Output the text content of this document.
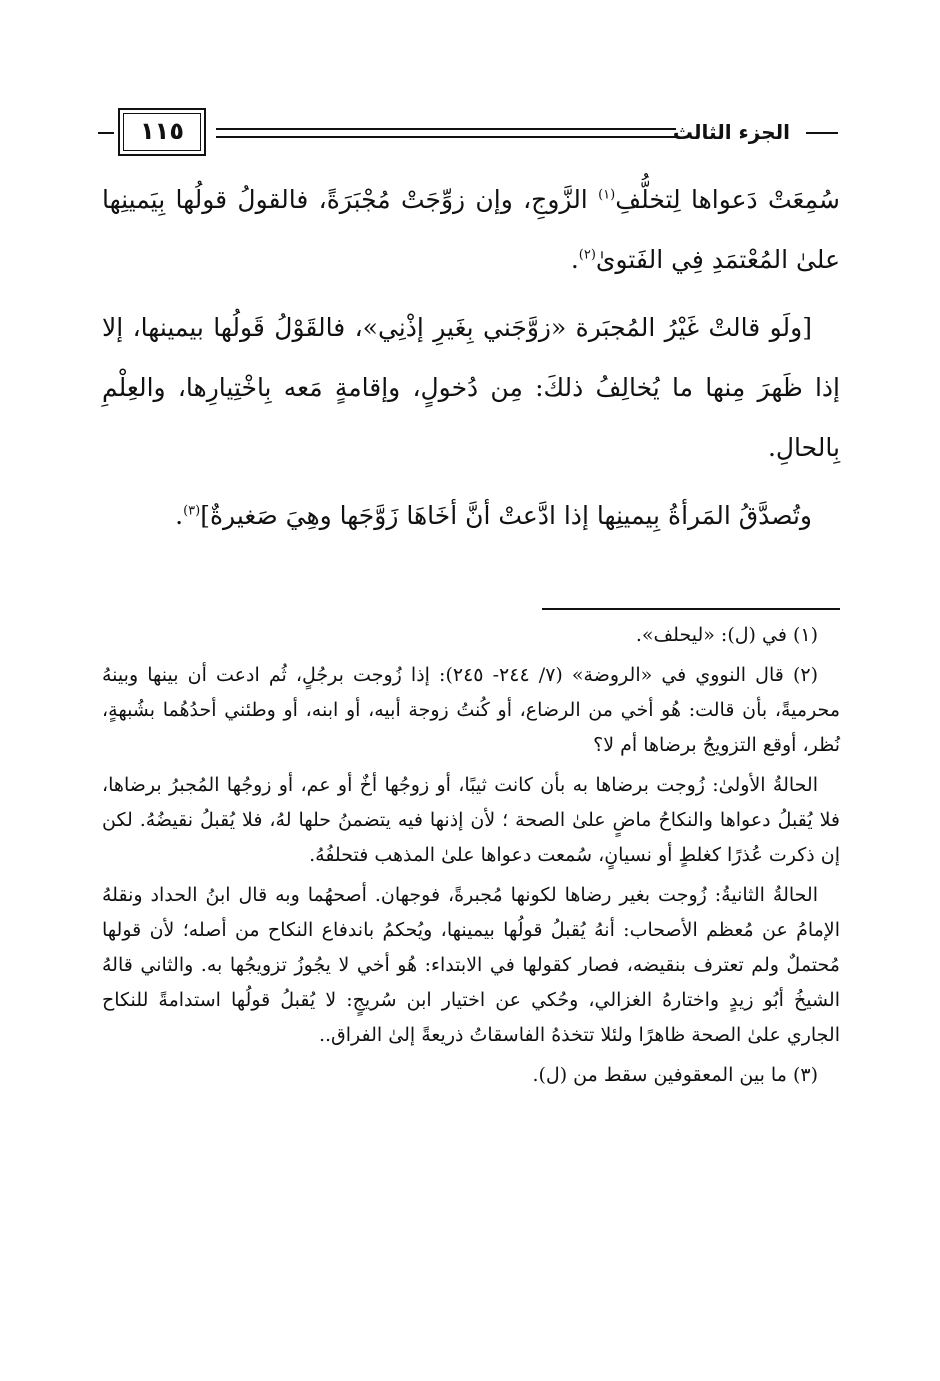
الجزء الثالث
١١٥

سُمِعَتْ دَعواها لِتخلُّفِ$^{(١)}$ الزَّوجِ، وإن زوِّجَتْ مُجْبَرَةً، فالقولُ قولُها بِيَمينِها علىٰ المُعْتمَدِ فِي الفَتوىٰ$^{(٢)}$.

[ولَو قالتْ غَيْرُ المُجبَرة «زوَّجَني بِغَيرِ إذْنِي»، فالقَوْلُ قَولُها بيمينها، إلا إذا ظَهرَ مِنها ما يُخالِفُ ذلكَ: مِن دُخولٍ، وإقامةٍ مَعه بِاخْتِيارِها، والعِلْمِ بِالحالِ.

وتُصدَّقُ المَرأةُ بِيمينِها إذا ادَّعتْ أنَّ أخَاهَا زَوَّجَها وهِيَ صَغيرةٌ]$^{(٣)}$.

(١) في (ل): «ليحلف».

(٢) قال النووي في «الروضة» (٧/ ٢٤٤- ٢٤٥): إذا زُوجت برجُلٍ، ثُم ادعت أن بينها وبينهُ محرميةً، بأن قالت: هُو أخي من الرضاع، أو كُنتُ زوجة أبيه، أو ابنه، أو وطئني أحدُهُما بشُبهةٍ، نُظر، أوقع التزويجُ برضاها أم لا؟

الحالةُ الأولىٰ: زُوجت برضاها به بأن كانت ثيبًا، أو زوجُها أخٌ أو عم، أو زوجُها المُجبرُ برضاها، فلا يُقبلُ دعواها والنكاحُ ماضٍ علىٰ الصحة ؛ لأن إذنها فيه يتضمنُ حلها لهُ، فلا يُقبلُ نقيضُهُ. لكن إن ذكرت عُذرًا كغلطٍ أو نسيانٍ، سُمعت دعواها علىٰ المذهب فتحلفُهُ.

الحالةُ الثانيةُ: زُوجت بغير رضاها لكونها مُجبرةً، فوجهان. أصحهُما وبه قال ابنُ الحداد ونقلهُ الإمامُ عن مُعظم الأصحاب: أنهُ يُقبلُ قولُها بيمينها، ويُحكمُ باندفاع النكاح من أصله؛ لأن قولها مُحتملٌ ولم تعترف بنقيضه، فصار كقولها في الابتداء: هُو أخي لا يجُوزُ تزويجُها به. والثاني قالهُ الشيخُ أبُو زيدٍ واختارهُ الغزالي، وحُكي عن اختيار ابن سُريجٍ: لا يُقبلُ قولُها استدامةً للنكاح الجاري علىٰ الصحة ظاهرًا ولئلا تتخذهُ الفاسقاتُ ذريعةً إلىٰ الفراق..

(٣) ما بين المعقوفين سقط من (ل).
